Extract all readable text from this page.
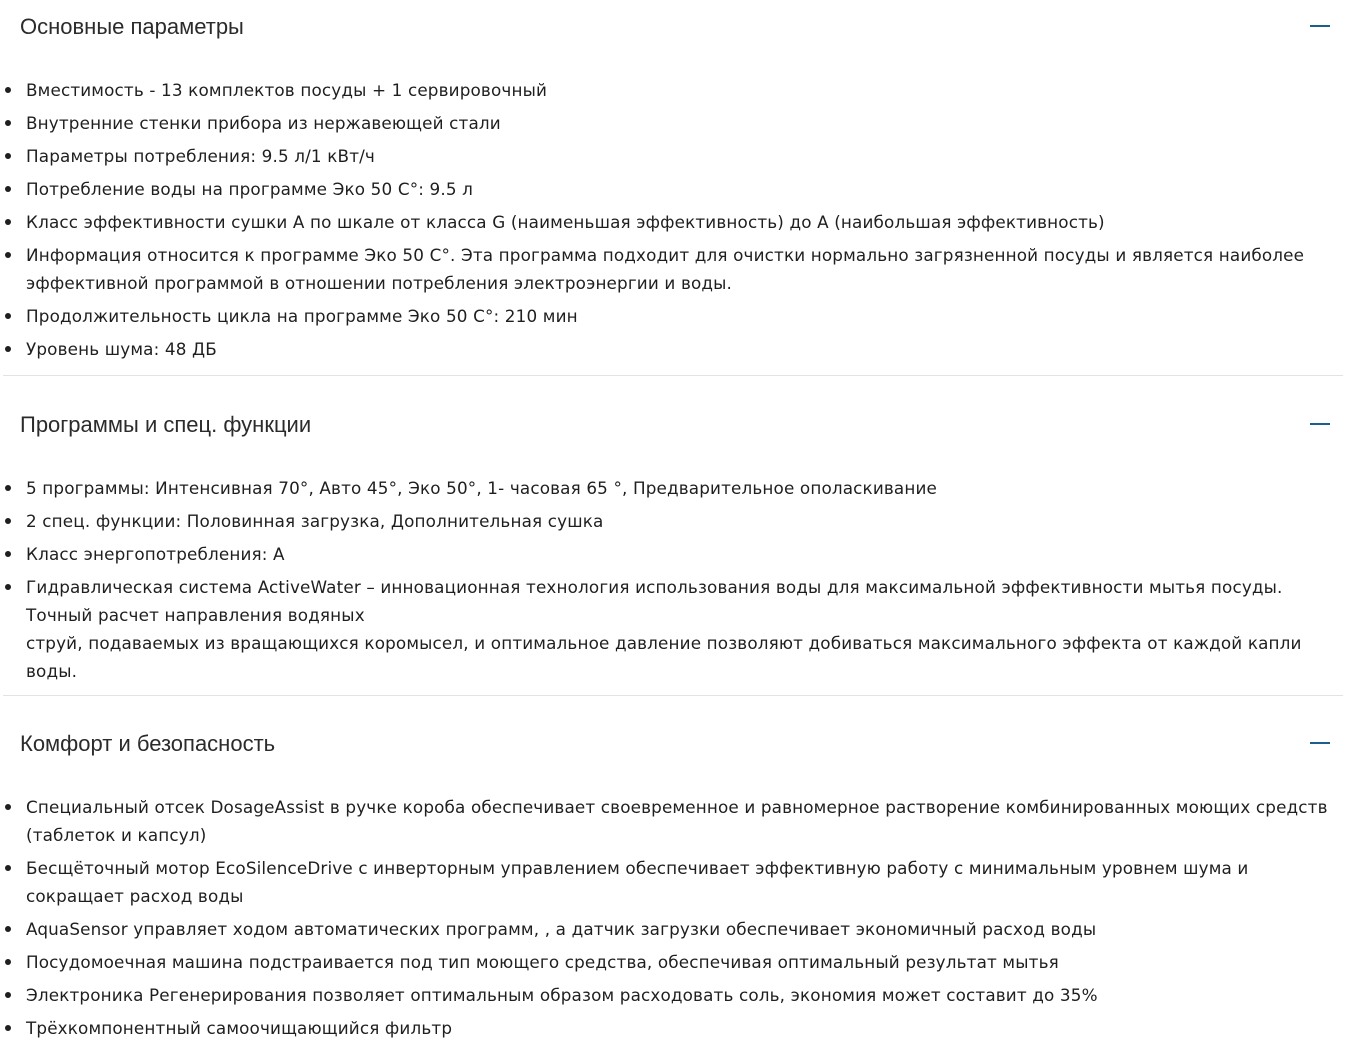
Основные параметры
Вместимость - 13 комплектов посуды + 1 сервировочный
Внутренние стенки прибора из нержавеющей стали
Параметры потребления: 9.5 л/1 кВт/ч
Потребление воды на программе Эко 50 С°: 9.5 л
Класс эффективности сушки А по шкале от класса G (наименьшая эффективность) до А (наибольшая эффективность)
Информация относится к программе Эко 50 С°. Эта программа подходит для очистки нормально загрязненной посуды и является наиболее
эффективной программой в отношении потребления электроэнергии и воды.
Продолжительность цикла на программе Эко 50 С°: 210 мин
Уровень шума: 48 ДБ
Программы и спец. функции
5 программы: Интенсивная 70°, Авто 45°, Эко 50°, 1- часовая 65 °, Предварительное ополаскивание
2 спец. функции: Половинная загрузка, Дополнительная сушка
Класс энергопотребления: А
Гидравлическая система ActiveWater – инновационная технология использования воды для максимальной эффективности мытья посуды.
Точный расчет направления водяных
струй, подаваемых из вращающихся коромысел, и оптимальное давление позволяют добиваться максимального эффекта от каждой капли
воды.
Комфорт и безопасность
Специальный отсек DosageAssist в ручке короба обеспечивает своевременное и равномерное растворение комбинированных моющих средств
(таблеток и капсул)
Бесщёточный мотор EcoSilenceDrive с инверторным управлением обеспечивает эффективную работу с минимальным уровнем шума и
сокращает расход воды
AquaSensor управляет ходом автоматических программ, , а датчик загрузки обеспечивает экономичный расход воды
Посудомоечная машина подстраивается под тип моющего средства, обеспечивая оптимальный результат мытья
Электроника Регенерирования позволяет оптимальным образом расходовать соль, экономия может составит до 35%
Трёхкомпонентный самоочищающийся фильтр
